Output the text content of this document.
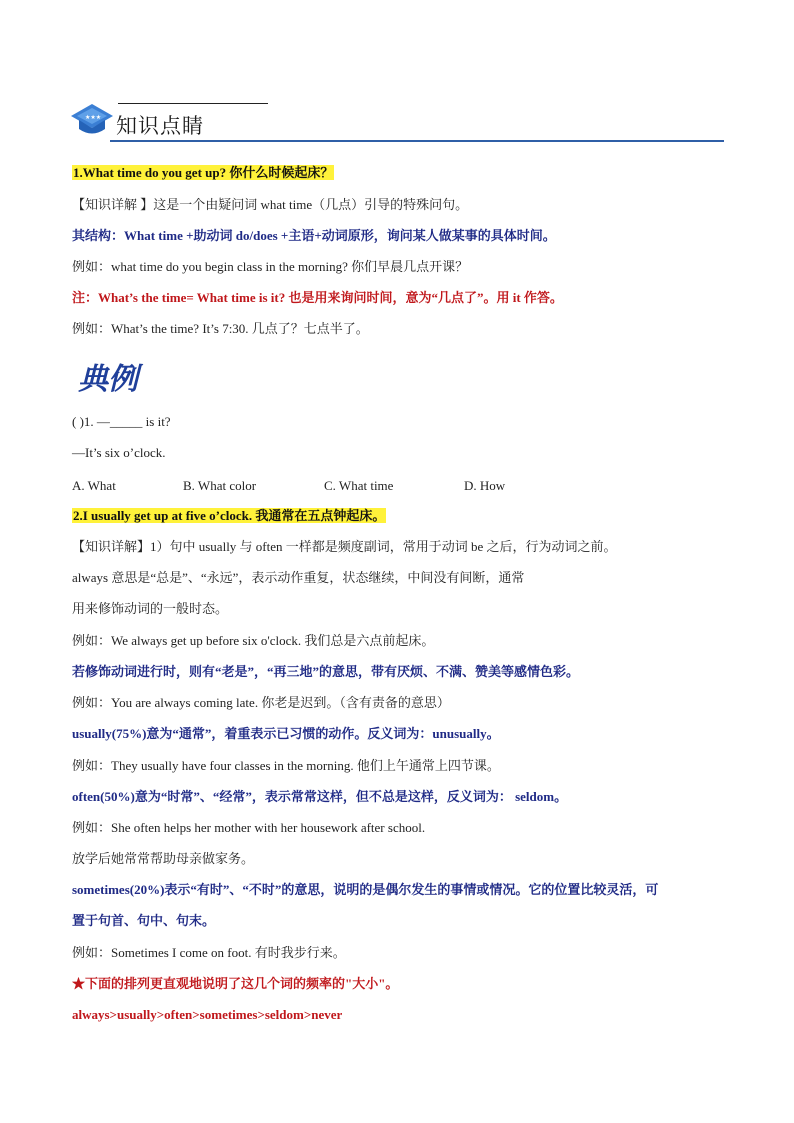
★★★ 知识点睛
1.What time do you get up? 你什么时候起床？
【知识详解 】这是一个由疑问词 what time（几点）引导的特殊问句。
其结构：What time +助动词 do/does +主语+动词原形，询问某人做某事的具体时间。
例如：what time do you begin class in the morning? 你们早晨几点开课？
注：What’s the time= What time is it? 也是用来询问时间，意为“几点了”。用 it 作答。
例如：What’s the time? It’s 7:30. 几点了？七点半了。
典例
( )1. —_____ is it?
—It’s six o’clock.
A. What	B. What color	C. What time	D. How
2.I usually get up at five o’clock. 我通常在五点钟起床。
【知识详解】1）句中 usually 与 often 一样都是频度副词，常用于动词 be 之后，行为动词之前。
always 意思是“总是”、“永远”，表示动作重复，状态继续，中间没有间断，通常
用来修饰动词的一般时态。
例如：We always get up before six o'clock. 我们总是六点前起床。
若修饰动词进行时，则有“老是”，“再三地”的意思，带有厌烦、不满、赞美等感情色彩。
例如：You are always coming late. 你老是迟到。（含有责备的意思）
usually(75%)意为“通常”，着重表示已习惯的动作。反义词为：unusually。
例如：They usually have four classes in the morning. 他们上午通常上四节课。
often(50%)意为“时常”、“经常”，表示常常这样，但不总是这样，反义词为： seldom。
例如：She often helps her mother with her housework after school.
放学后她常常帮助母亲做家务。
sometimes(20%)表示“有时”、“不时”的意思，说明的是偶尔发生的事情或情况。它的位置比较灵活，可
置于句首、句中、句末。
例如：Sometimes I come on foot. 有时我步行来。
★下面的排列更直观地说明了这几个词的频率的"大小"。
always>usually>often>sometimes>seldom>never
